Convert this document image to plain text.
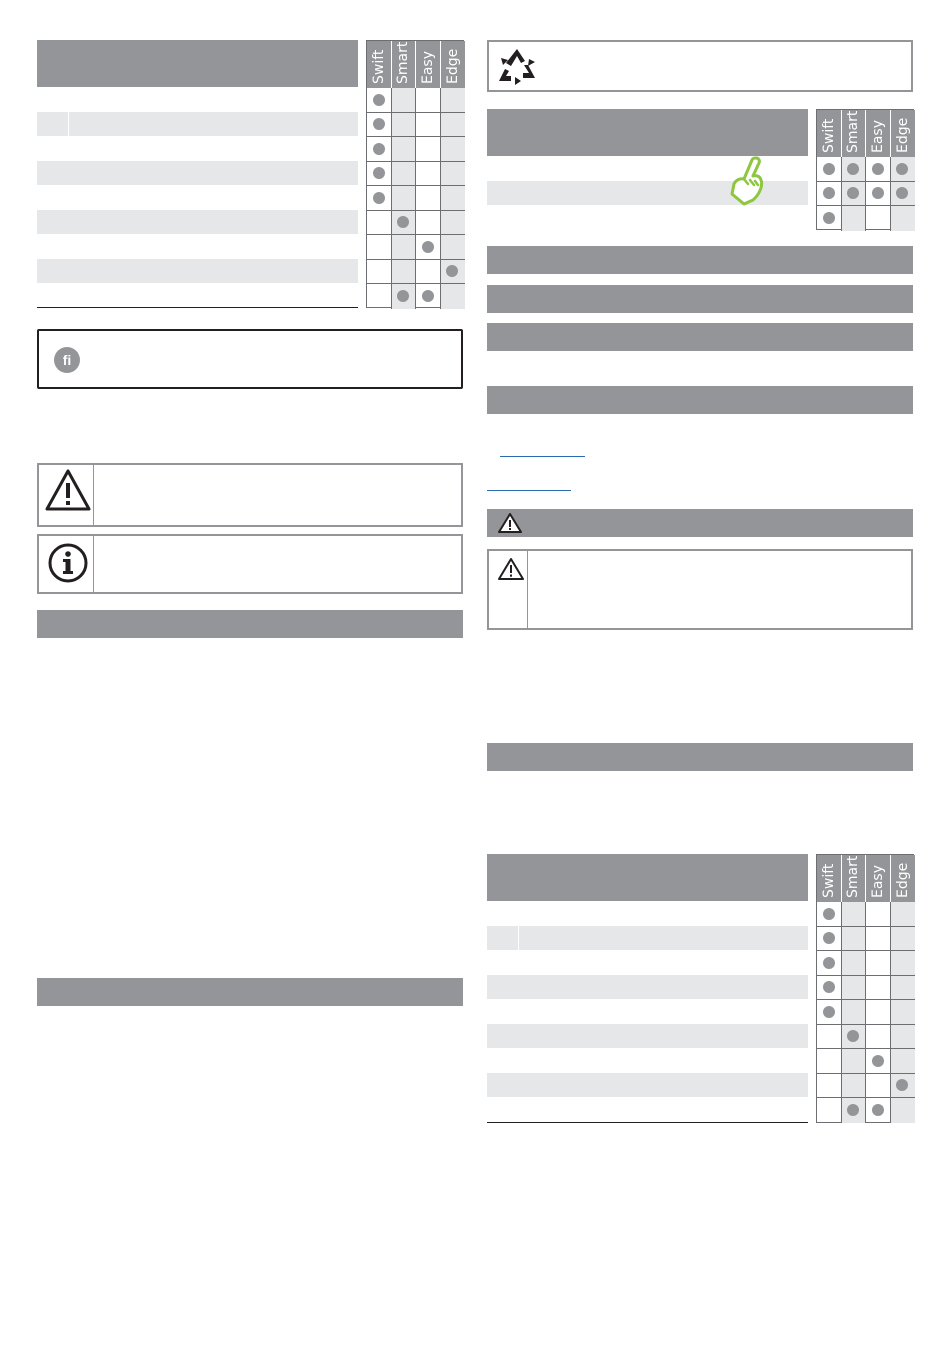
Swift Smart Easy Edge
fi
Swift Smart Easy Edge
Swift Smart Easy Edge
